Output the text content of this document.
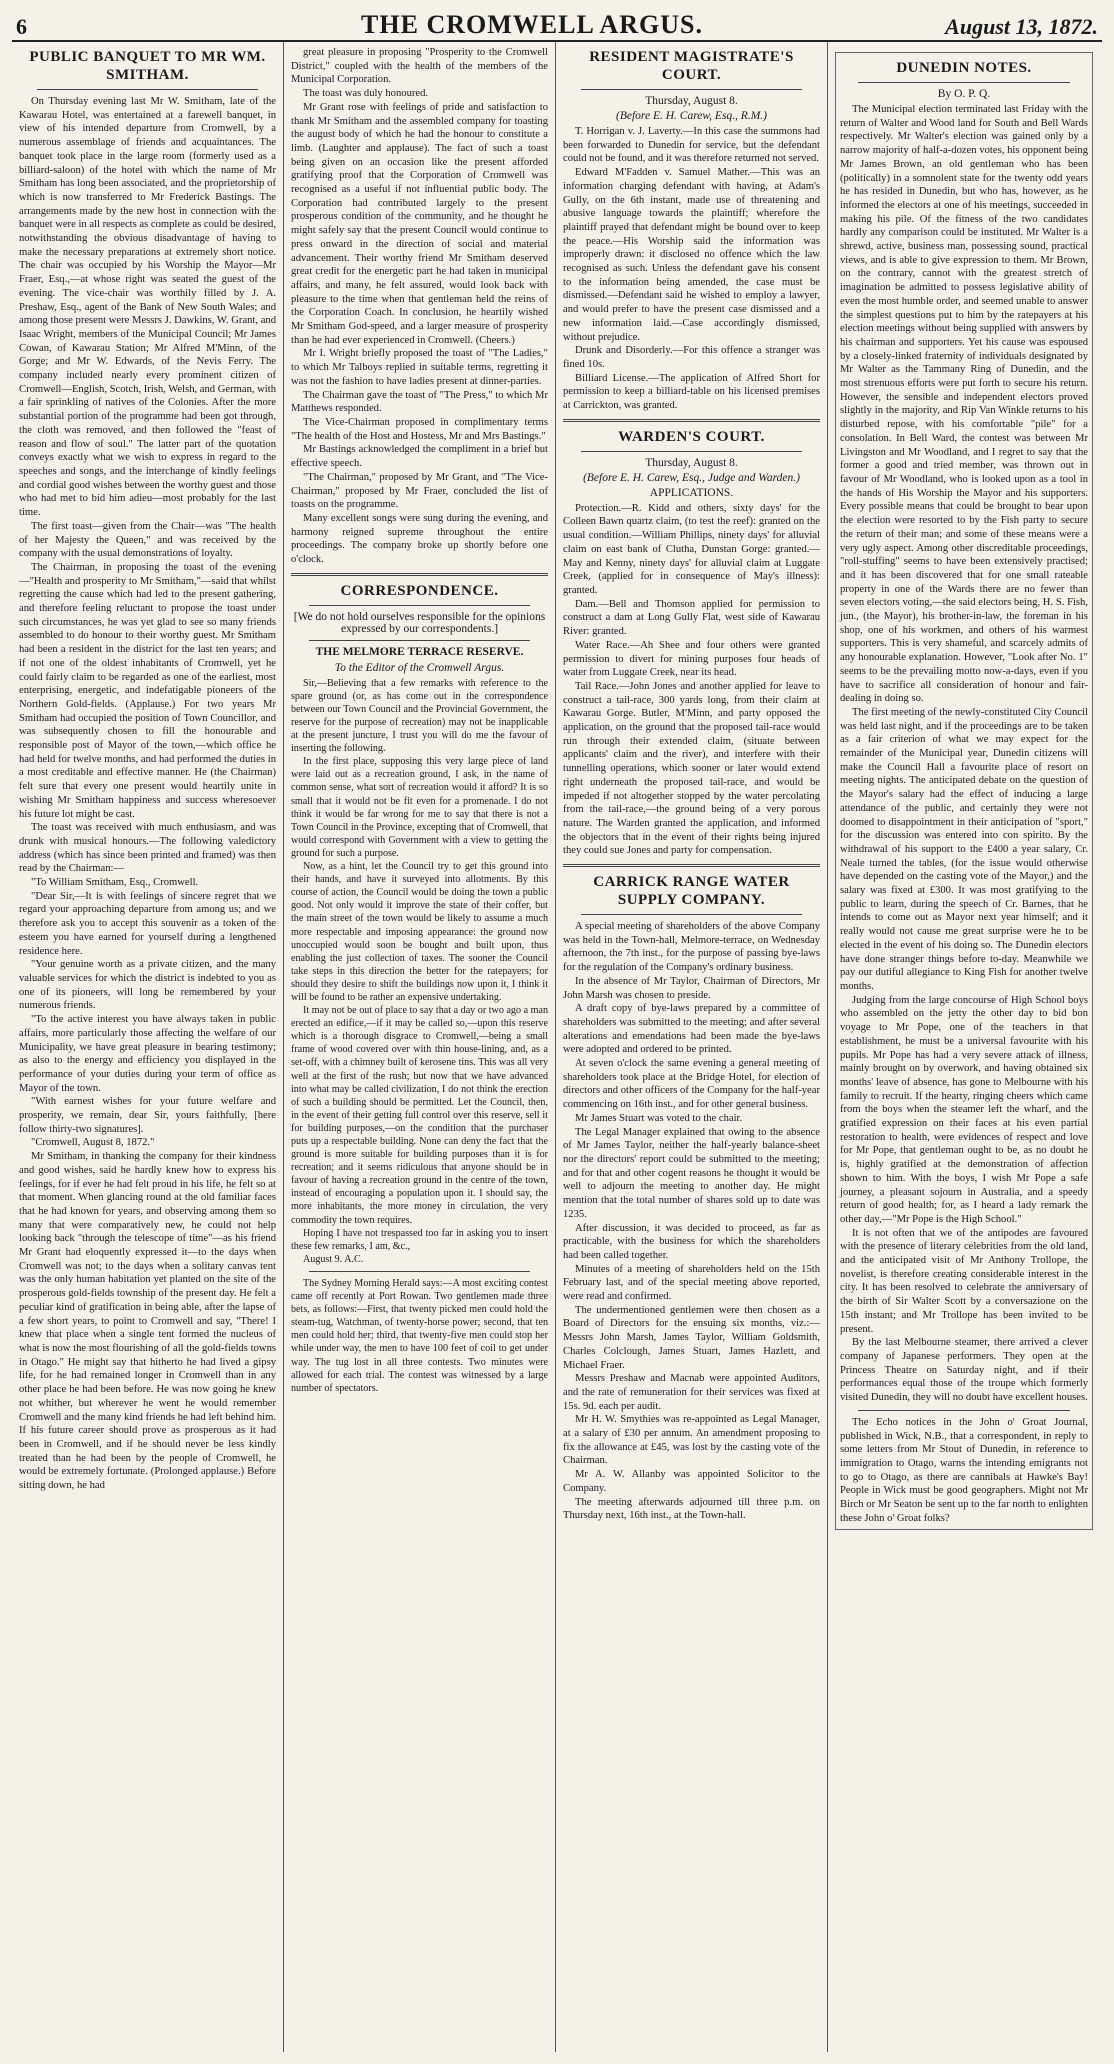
6	THE CROMWELL ARGUS.	August 13, 1872.
PUBLIC BANQUET TO MR WM. SMITHAM.

On Thursday evening last Mr W. Smitham, late of the Kawarau Hotel, was entertained at a farewell banquet, in view of his intended departure from Cromwell, by a numerous assemblage of friends and acquaintances. The banquet took place in the large room (formerly used as a billiard-saloon) of the hotel with which the name of Mr Smitham has long been associated, and the proprietorship of which is now transferred to Mr Frederick Bastings. The arrangements made by the new host in connection with the banquet were in all respects as complete as could be desired, notwithstanding the obvious disadvantage of having to make the necessary preparations at extremely short notice. The chair was occupied by his Worship the Mayor—Mr Fraer, Esq.,—at whose right was seated the guest of the evening. The vice-chair was worthily filled by J. A. Preshaw, Esq., agent of the Bank of New South Wales; and among those present were Messrs J. Dawkins, W. Grant, and Isaac Wright, members of the Municipal Council; Mr James Cowan, of Kawarau Station; Mr Alfred M'Minn, of the Gorge; and Mr W. Edwards, of the Nevis Ferry. The company included nearly every prominent citizen of Cromwell—English, Scotch, Irish, Welsh, and German, with a fair sprinkling of natives of the Colonies. After the more substantial portion of the programme had been got through, the cloth was removed, and then followed the "feast of reason and flow of soul." The latter part of the quotation conveys exactly what we wish to express in regard to the speeches and songs, and the interchange of kindly feelings and cordial good wishes between the worthy guest and those who had met to bid him adieu—most probably for the last time.

The first toast—given from the Chair—was "The health of her Majesty the Queen," and was received by the company with the usual demonstrations of loyalty.

The Chairman, in proposing the toast of the evening—"Health and prosperity to Mr Smitham,"—said that whilst regretting the cause which had led to the present gathering, and therefore feeling reluctant to propose the toast under such circumstances, he was yet glad to see so many friends assembled to do honour to their worthy guest. Mr Smitham had been a resident in the district for the last ten years; and if not one of the oldest inhabitants of Cromwell, yet he could fairly claim to be regarded as one of the earliest, most enterprising, energetic, and indefatigable pioneers of the Northern Gold-fields. (Applause.) For two years Mr Smitham had occupied the position of Town Councillor, and was subsequently chosen to fill the honourable and responsible post of Mayor of the town,—which office he had held for twelve months, and had performed the duties in a most creditable and effective manner. He (the Chairman) felt sure that every one present would heartily unite in wishing Mr Smitham happiness and success wheresoever his future lot might be cast.

The toast was received with much enthusiasm, and was drunk with musical honours.—The following valedictory address (which has since been printed and framed) was then read by the Chairman:—

"To William Smitham, Esq., Cromwell.

"Dear Sir,—It is with feelings of sincere regret that we regard your approaching departure from among us; and we therefore ask you to accept this souvenir as a token of the esteem you have earned for yourself during a lengthened residence here.

"Your genuine worth as a private citizen, and the many valuable services for which the district is indebted to you as one of its pioneers, will long be remembered by your numerous friends.

"To the active interest you have always taken in public affairs, more particularly those affecting the welfare of our Municipality, we have great pleasure in bearing testimony; as also to the energy and efficiency you displayed in the performance of your duties during your term of office as Mayor of the town.

"With earnest wishes for your future welfare and prosperity, we remain, dear Sir, yours faithfully, [here follow thirty-two signatures].

"Cromwell, August 8, 1872."

Mr Smitham, in thanking the company for their kindness and good wishes, said he hardly knew how to express his feelings, for if ever he had felt proud in his life, he felt so at that moment. When glancing round at the old familiar faces that he had known for years, and observing among them so many that were comparatively new, he could not help looking back "through the telescope of time"—as his friend Mr Grant had eloquently expressed it—to the days when Cromwell was not; to the days when a solitary canvas tent was the only human habitation yet planted on the site of the prosperous gold-fields township of the present day. He felt a peculiar kind of gratification in being able, after the lapse of a few short years, to point to Cromwell and say, "There! I knew that place when a single tent formed the nucleus of what is now the most flourishing of all the gold-fields towns in Otago." He might say that hitherto he had lived a gipsy life, for he had remained longer in Cromwell than in any other place he had been before. He was now going he knew not whither, but wherever he went he would remember Cromwell and the many kind friends he had left behind him. If his future career should prove as prosperous as it had been in Cromwell, and if he should never be less kindly treated than he had been by the people of Cromwell, he would be extremely fortunate. (Prolonged applause.) Before sitting down, he had

great pleasure in proposing "Prosperity to the Cromwell District," coupled with the health of the members of the Municipal Corporation.

The toast was duly honoured.

Mr Grant rose with feelings of pride and satisfaction to thank Mr Smitham and the assembled company for toasting the august body of which he had the honour to constitute a limb. (Laughter and applause). The fact of such a toast being given on an occasion like the present afforded gratifying proof that the Corporation of Cromwell was recognised as a useful if not influential public body. The Corporation had contributed largely to the present prosperous condition of the community, and he thought he might safely say that the present Council would continue to press onward in the direction of social and material advancement. Their worthy friend Mr Smitham deserved great credit for the energetic part he had taken in municipal affairs, and many, he felt assured, would look back with pleasure to the time when that gentleman held the reins of the Corporation Coach. In conclusion, he heartily wished Mr Smitham God-speed, and a larger measure of prosperity than he had ever experienced in Cromwell. (Cheers.)

Mr I. Wright briefly proposed the toast of "The Ladies," to which Mr Talboys replied in suitable terms, regretting it was not the fashion to have ladies present at dinner-parties.

The Chairman gave the toast of "The Press," to which Mr Matthews responded.

The Vice-Chairman proposed in complimentary terms "The health of the Host and Hostess, Mr and Mrs Bastings."

Mr Bastings acknowledged the compliment in a brief but effective speech.

"The Chairman," proposed by Mr Grant, and "The Vice-Chairman," proposed by Mr Fraer, concluded the list of toasts on the programme.

Many excellent songs were sung during the evening, and harmony reigned supreme throughout the entire proceedings. The company broke up shortly before one o'clock.

CORRESPONDENCE.
[We do not hold ourselves responsible for the opinions expressed by our correspondents.]
THE MELMORE TERRACE RESERVE.
To the Editor of the Cromwell Argus.

Sir,—Believing that a few remarks with reference to the spare ground (or, as has come out in the correspondence between our Town Council and the Provincial Government, the reserve for the purpose of recreation) may not be inapplicable at the present juncture, I trust you will do me the favour of inserting the following.

In the first place, supposing this very large piece of land were laid out as a recreation ground, I ask, in the name of common sense, what sort of recreation would it afford? It is so small that it would not be fit even for a promenade. I do not think it would be far wrong for me to say that there is not a Town Council in the Province, excepting that of Cromwell, that would correspond with Government with a view to getting the ground for such a purpose.

Now, as a hint, let the Council try to get this ground into their hands, and have it surveyed into allotments. By this course of action, the Council would be doing the town a public good. Not only would it improve the state of their coffer, but the main street of the town would be likely to assume a much more respectable and imposing appearance: the ground now unoccupied would soon be bought and built upon, thus enabling the just collection of taxes. The sooner the Council take steps in this direction the better for the ratepayers; for should they desire to shift the buildings now upon it, I think it will be found to be rather an expensive undertaking.

It may not be out of place to say that a day or two ago a man erected an edifice,—if it may be called so,—upon this reserve which is a thorough disgrace to Cromwell,—being a small frame of wood covered over with thin house-lining, and, as a set-off, with a chimney built of kerosene tins. This was all very well at the first of the rush; but now that we have advanced into what may be called civilization, I do not think the erection of such a building should be permitted. Let the Council, then, in the event of their getting full control over this reserve, sell it for building purposes,—on the condition that the purchaser puts up a respectable building. None can deny the fact that the ground is more suitable for building purposes than it is for recreation; and it seems ridiculous that anyone should be in favour of having a recreation ground in the centre of the town, instead of encouraging a population upon it. I should say, the more inhabitants, the more money in circulation, the very commodity the town requires.

Hoping I have not trespassed too far in asking you to insert these few remarks, I am, &c.,

August 9. A.C.

The Sydney Morning Herald says:—A most exciting contest came off recently at Port Rowan. Two gentlemen made three bets, as follows:—First, that twenty picked men could hold the steam-tug, Watchman, of twenty-horse power; second, that ten men could hold her; third, that twenty-five men could stop her while under way, the men to have 100 feet of coil to get under way. The tug lost in all three contests. Two minutes were allowed for each trial. The contest was witnessed by a large number of spectators.

RESIDENT MAGISTRATE'S COURT.
Thursday, August 8.
(Before E. H. Carew, Esq., R.M.)

T. Horrigan v. J. Laverty.—In this case the summons had been forwarded to Dunedin for service, but the defendant could not be found, and it was therefore returned not served.

Edward M'Fadden v. Samuel Mather.—This was an information charging defendant with having, at Adam's Gully, on the 6th instant, made use of threatening and abusive language towards the plaintiff; wherefore the plaintiff prayed that defendant might be bound over to keep the peace.—His Worship said the information was improperly drawn: it disclosed no offence which the law recognised as such. Unless the defendant gave his consent to the information being amended, the case must be dismissed.—Defendant said he wished to employ a lawyer, and would prefer to have the present case dismissed and a new information laid.—Case accordingly dismissed, without prejudice.

Drunk and Disorderly.—For this offence a stranger was fined 10s.

Billiard License.—The application of Alfred Short for permission to keep a billiard-table on his licensed premises at Carrickton, was granted.

WARDEN'S COURT.
Thursday, August 8.
(Before E. H. Carew, Esq., Judge and Warden.)
APPLICATIONS.

Protection.—R. Kidd and others, sixty days' for the Colleen Bawn quartz claim, (to test the reef): granted on the usual condition.—William Phillips, ninety days' for alluvial claim on east bank of Clutha, Dunstan Gorge: granted.—May and Kenny, ninety days' for alluvial claim at Luggate Creek, (applied for in consequence of May's illness): granted.

Dam.—Bell and Thomson applied for permission to construct a dam at Long Gully Flat, west side of Kawarau River: granted.

Water Race.—Ah Shee and four others were granted permission to divert for mining purposes four heads of water from Luggate Creek, near its head.

Tail Race.—John Jones and another applied for leave to construct a tail-race, 300 yards long, from their claim at Kawarau Gorge. Butler, M'Minn, and party opposed the application, on the ground that the proposed tail-race would run through their extended claim, (situate between applicants' claim and the river), and interfere with their tunnelling operations, which sooner or later would extend right underneath the proposed tail-race, and would be impeded if not altogether stopped by the water percolating from the tail-race,—the ground being of a very porous nature. The Warden granted the application, and informed the objectors that in the event of their rights being injured they could sue Jones and party for compensation.

CARRICK RANGE WATER SUPPLY COMPANY.

A special meeting of shareholders of the above Company was held in the Town-hall, Melmore-terrace, on Wednesday afternoon, the 7th inst., for the purpose of passing bye-laws for the regulation of the Company's ordinary business.

In the absence of Mr Taylor, Chairman of Directors, Mr John Marsh was chosen to preside.

A draft copy of bye-laws prepared by a committee of shareholders was submitted to the meeting; and after several alterations and emendations had been made the bye-laws were adopted and ordered to be printed.

At seven o'clock the same evening a general meeting of shareholders took place at the Bridge Hotel, for election of directors and other officers of the Company for the half-year commencing on 16th inst., and for other general business.

Mr James Stuart was voted to the chair.

The Legal Manager explained that owing to the absence of Mr James Taylor, neither the half-yearly balance-sheet nor the directors' report could be submitted to the meeting; and for that and other cogent reasons he thought it would be well to adjourn the meeting to another day. He might mention that the total number of shares sold up to date was 1235.

After discussion, it was decided to proceed, as far as practicable, with the business for which the shareholders had been called together.

Minutes of a meeting of shareholders held on the 15th February last, and of the special meeting above reported, were read and confirmed.

The undermentioned gentlemen were then chosen as a Board of Directors for the ensuing six months, viz.:—Messrs John Marsh, James Taylor, William Goldsmith, Charles Colclough, James Stuart, James Hazlett, and Michael Fraer.

Messrs Preshaw and Macnab were appointed Auditors, and the rate of remuneration for their services was fixed at 15s. 9d. each per audit.

Mr H. W. Smythies was re-appointed as Legal Manager, at a salary of £30 per annum. An amendment proposing to fix the allowance at £45, was lost by the casting vote of the Chairman.

Mr A. W. Allanby was appointed Solicitor to the Company.

The meeting afterwards adjourned till three p.m. on Thursday next, 16th inst., at the Town-hall.

DUNEDIN NOTES.
By O. P. Q.

The Municipal election terminated last Friday with the return of Walter and Wood land for South and Bell Wards respectively. Mr Walter's election was gained only by a narrow majority of half-a-dozen votes, his opponent being Mr James Brown, an old gentleman who has been (politically) in a somnolent state for the twenty odd years he has resided in Dunedin, but who has, however, as he informed the electors at one of his meetings, succeeded in making his pile. Of the fitness of the two candidates hardly any comparison could be instituted. Mr Walter is a shrewd, active, business man, possessing sound, practical views, and is able to give expression to them. Mr Brown, on the contrary, cannot with the greatest stretch of imagination be admitted to possess legislative ability of even the most humble order, and seemed unable to answer the simplest questions put to him by the ratepayers at his election meetings without being supplied with answers by his chairman and supporters. Yet his cause was espoused by a closely-linked fraternity of individuals designated by Mr Walter as the Tammany Ring of Dunedin, and the most strenuous efforts were put forth to secure his return. However, the sensible and independent electors proved slightly in the majority, and Rip Van Winkle returns to his disturbed repose, with his comfortable "pile" for a consolation. In Bell Ward, the contest was between Mr Livingston and Mr Woodland, and I regret to say that the former a good and tried member, was thrown out in favour of Mr Woodland, who is looked upon as a tool in the hands of His Worship the Mayor and his supporters. Every possible means that could be brought to bear upon the election were resorted to by the Fish party to secure the return of their man; and some of these means were a very ugly aspect. Among other discreditable proceedings, "roll-stuffing" seems to have been extensively practised; and it has been discovered that for one small rateable property in one of the Wards there are no fewer than seven electors voting,—the said electors being, H. S. Fish, jun., (the Mayor), his brother-in-law, the foreman in his shop, one of his workmen, and others of his warmest supporters. This is very shameful, and scarcely admits of any honourable explanation. However, "Look after No. 1" seems to be the prevailing motto now-a-days, even if you have to sacrifice all consideration of honour and fair-dealing in doing so.

The first meeting of the newly-constituted City Council was held last night, and if the proceedings are to be taken as a fair criterion of what we may expect for the remainder of the Municipal year, Dunedin citizens will make the Council Hall a favourite place of resort on meeting nights. The anticipated debate on the question of the Mayor's salary had the effect of inducing a large attendance of the public, and certainly they were not doomed to disappointment in their anticipation of "sport," for the discussion was entered into con spirito. By the withdrawal of his support to the £400 a year salary, Cr. Neale turned the tables, (for the issue would otherwise have depended on the casting vote of the Mayor,) and the salary was fixed at £300. It was most gratifying to the public to learn, during the speech of Cr. Barnes, that he intends to come out as Mayor next year himself; and it really would not cause me great surprise were he to be elected in the event of his doing so. The Dunedin electors have done stranger things before to-day. Meanwhile we pay our dutiful allegiance to King Fish for another twelve months.

Judging from the large concourse of High School boys who assembled on the jetty the other day to bid bon voyage to Mr Pope, one of the teachers in that establishment, he must be a universal favourite with his pupils. Mr Pope has had a very severe attack of illness, mainly brought on by overwork, and having obtained six months' leave of absence, has gone to Melbourne with his family to recruit. If the hearty, ringing cheers which came from the boys when the steamer left the wharf, and the gratified expression on their faces at his even partial restoration to health, were evidences of respect and love for Mr Pope, that gentleman ought to be, as no doubt he is, highly gratified at the demonstration of affection shown to him. With the boys, I wish Mr Pope a safe journey, a pleasant sojourn in Australia, and a speedy return of good health; for, as I heard a lady remark the other day,—"Mr Pope is the High School."

It is not often that we of the antipodes are favoured with the presence of literary celebrities from the old land, and the anticipated visit of Mr Anthony Trollope, the novelist, is therefore creating considerable interest in the city. It has been resolved to celebrate the anniversary of the birth of Sir Walter Scott by a conversazione on the 15th instant; and Mr Trollope has been invited to be present.

By the last Melbourne steamer, there arrived a clever company of Japanese performers. They open at the Princess Theatre on Saturday night, and if their performances equal those of the troupe which formerly visited Dunedin, they will no doubt have excellent houses.

The Echo notices in the John o' Groat Journal, published in Wick, N.B., that a correspondent, in reply to some letters from Mr Stout of Dunedin, in reference to immigration to Otago, warns the intending emigrants not to go to Otago, as there are cannibals at Hawke's Bay! People in Wick must be good geographers. Might not Mr Birch or Mr Seaton be sent up to the far north to enlighten these John o' Groat folks?
